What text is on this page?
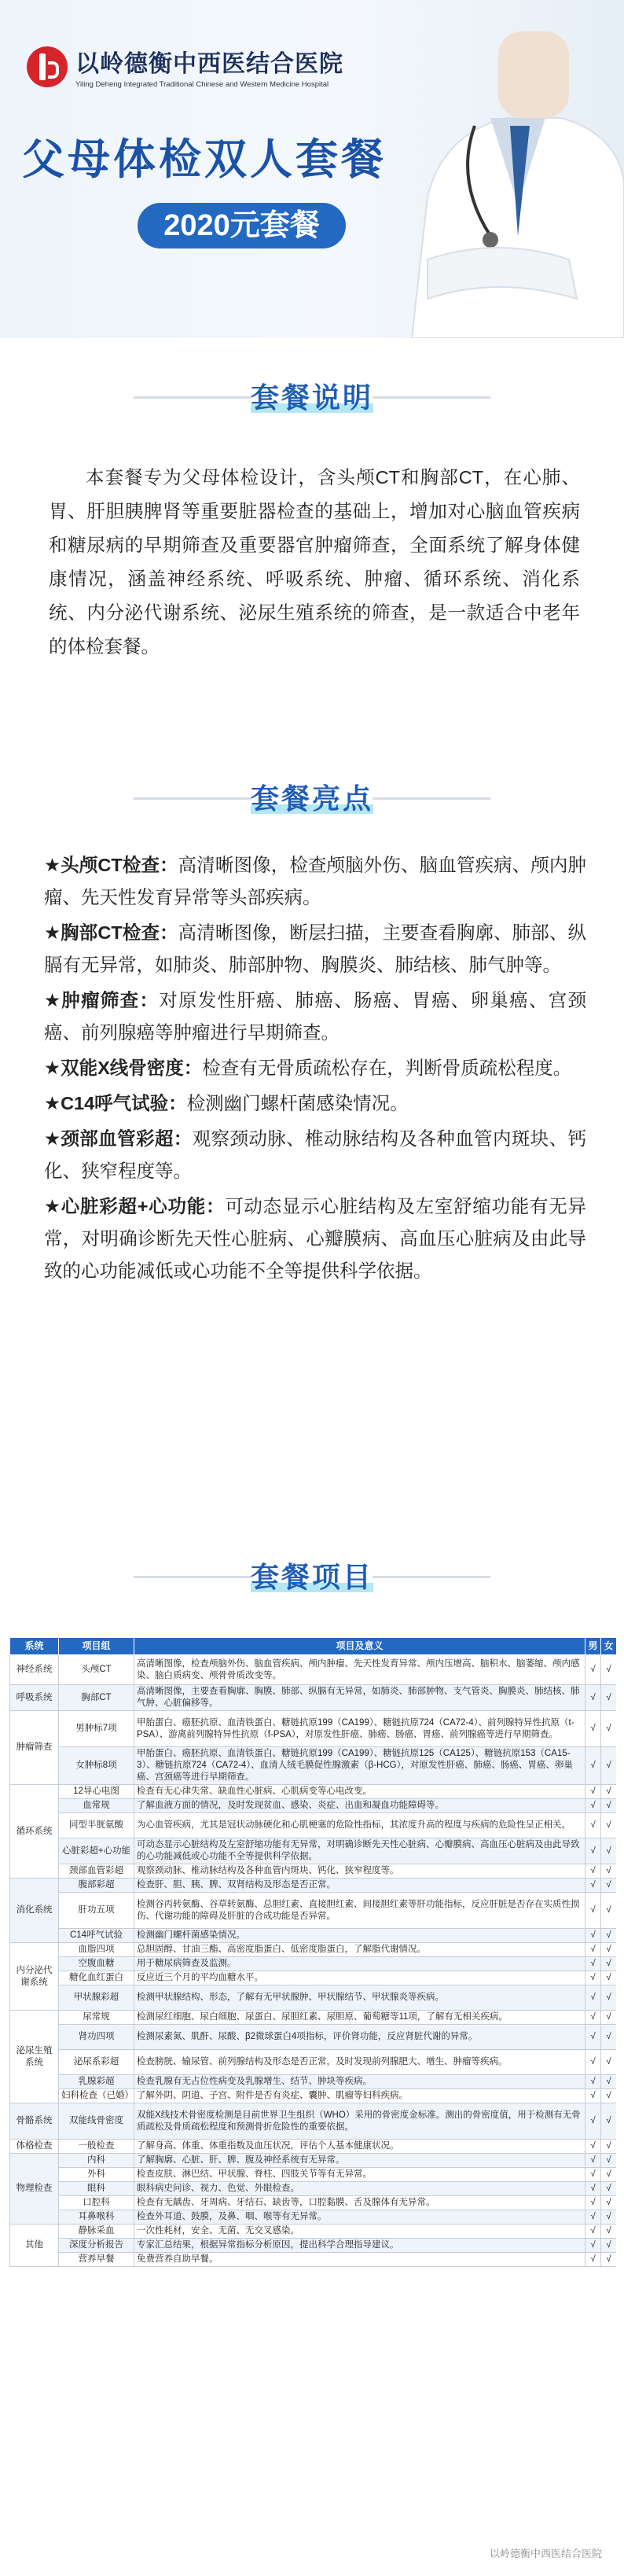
以岭德衡中西医结合医院
Yiling Deheng Integrated Traditional Chinese and Western Medicine Hospital
父母体检双人套餐
2020元套餐
套餐说明

本套餐专为父母体检设计，含头颅CT和胸部CT，在心肺、胃、肝胆胰脾肾等重要脏器检查的基础上，增加对心脑血管疾病和糖尿病的早期筛查及重要器官肿瘤筛查，全面系统了解身体健康情况，涵盖神经系统、呼吸系统、肿瘤、循环系统、消化系统、内分泌代谢系统、泌尿生殖系统的筛查，是一款适合中老年的体检套餐。

套餐亮点

★头颅CT检查：高清晰图像，检查颅脑外伤、脑血管疾病、颅内肿瘤、先天性发育异常等头部疾病。

★胸部CT检查：高清晰图像，断层扫描，主要查看胸廓、肺部、纵膈有无异常，如肺炎、肺部肿物、胸膜炎、肺结核、肺气肿等。

★肿瘤筛查：对原发性肝癌、肺癌、肠癌、胃癌、卵巢癌、宫颈癌、前列腺癌等肿瘤进行早期筛查。

★双能X线骨密度：检查有无骨质疏松存在，判断骨质疏松程度。

★C14呼气试验：检测幽门螺杆菌感染情况。

★颈部血管彩超：观察颈动脉、椎动脉结构及各种血管内斑块、钙化、狭窄程度等。

★心脏彩超+心功能：可动态显示心脏结构及左室舒缩功能有无异常，对明确诊断先天性心脏病、心瓣膜病、高血压心脏病及由此导致的心功能减低或心功能不全等提供科学依据。

套餐项目
系统	项目组	项目及意义	男	女
神经系统	头颅CT	高清晰图像，检查颅脑外伤、脑血管疾病、颅内肿瘤、先天性发育异常、颅内压增高、脑积水、脑萎缩、颅内感染、脑白质病变、颅骨骨质改变等。	√	√
呼吸系统	胸部CT	高清晰图像，主要查看胸廓、胸膜、肺部、纵膈有无异常，如肺炎、肺部肿物、支气管炎、胸膜炎、肺结核、肺气肿、心脏偏移等。	√	√
肿瘤筛查	男肿标7项	甲胎蛋白、癌胚抗原、血清铁蛋白、糖链抗原199（CA199）、糖链抗原724（CA72-4）、前列腺特异性抗原（t-PSA）、游离前列腺特异性抗原（f-PSA），对原发性肝癌、肺癌、肠癌、胃癌、前列腺癌等进行早期筛查。	√	√
	女肿标8项	甲胎蛋白、癌胚抗原、血清铁蛋白、糖链抗原199（CA199）、糖链抗原125（CA125）、糖链抗原153（CA15-3）、糖链抗原724（CA72-4）、血清人绒毛膜促性腺激素（β-HCG），对原发性肝癌、肺癌、肠癌、胃癌、卵巢癌、宫颈癌等进行早期筛查。	√	√
循环系统	12导心电图	检查有无心律失常、缺血性心脏病、心肌病变等心电改变。	√	√
	血常规	了解血液方面的情况，及时发现贫血、感染、炎症、出血和凝血功能障碍等。	√	√
	同型半胱氨酸	为心血管疾病，尤其是冠状动脉硬化和心肌梗塞的危险性指标，其浓度升高的程度与疾病的危险性呈正相关。	√	√
	心脏彩超+心功能	可动态显示心脏结构及左室舒缩功能有无异常，对明确诊断先天性心脏病、心瓣膜病、高血压心脏病及由此导致的心功能减低或心功能不全等提供科学依据。	√	√
	颈部血管彩超	观察颈动脉、椎动脉结构及各种血管内斑块、钙化、狭窄程度等。	√	√
消化系统	腹部彩超	检查肝、胆、胰、脾、双肾结构及形态是否正常。	√	√
	肝功五项	检测谷丙转氨酶、谷草转氨酶、总胆红素、直接胆红素、间接胆红素等肝功能指标，反应肝脏是否存在实质性损伤、代谢功能的障碍及肝脏的合成功能是否异常。	√	√
	C14呼气试验	检测幽门螺杆菌感染情况。	√	√
内分泌代谢系统	血脂四项	总胆固醇、甘油三酯、高密度脂蛋白、低密度脂蛋白，了解脂代谢情况。	√	√
	空腹血糖	用于糖尿病筛查及监测。	√	√
	糖化血红蛋白	反应近三个月的平均血糖水平。	√	√
	甲状腺彩超	检测甲状腺结构、形态，了解有无甲状腺肿、甲状腺结节、甲状腺炎等疾病。	√	√
泌尿生殖系统	尿常规	检测尿红细胞、尿白细胞、尿蛋白、尿胆红素、尿胆原、葡萄糖等11项，了解有无相关疾病。	√	√
	肾功四项	检测尿素氮、肌酐、尿酸、β2微球蛋白4项指标，评价肾功能，反应肾脏代谢的异常。	√	√
	泌尿系彩超	检查膀胱、输尿管、前列腺结构及形态是否正常，及时发现前列腺肥大、增生、肿瘤等疾病。	√	√
	乳腺彩超	检查乳腺有无占位性病变及乳腺增生、结节、肿块等疾病。	√	√
	妇科检查（已婚）	了解外阴、阴道、子宫、附件是否有炎症、囊肿、肌瘤等妇科疾病。	√	√
骨骼系统	双能线骨密度	双能X线技术骨密度检测是目前世界卫生组织（WHO）采用的骨密度金标准。测出的骨密度值，用于检测有无骨质疏松及骨质疏松程度和预测骨折危险性的重要依据。	√	√
体格检查	一般检查	了解身高、体重、体重指数及血压状况，评估个人基本健康状况。	√	√
物理检查	内科	了解胸廓、心脏、肝、脾、腹及神经系统有无异常。	√	√
	外科	检查皮肤、淋巴结、甲状腺、脊柱、四肢关节等有无异常。	√	√
	眼科	眼科病史问诊、视力、色觉、外眼检查。	√	√
	口腔科	检查有无龋齿、牙周病、牙结石、缺齿等，口腔黏膜、舌及腺体有无异常。	√	√
	耳鼻喉科	检查外耳道、鼓膜，及鼻、咽、喉等有无异常。	√	√
其他	静脉采血	一次性耗材，安全、无菌、无交叉感染。	√	√
	深度分析报告	专家汇总结果，根据异常指标分析原因，提出科学合理指导建议。	√	√
	营养早餐	免费营养自助早餐。	√	√
以岭德衡中西医结合医院
